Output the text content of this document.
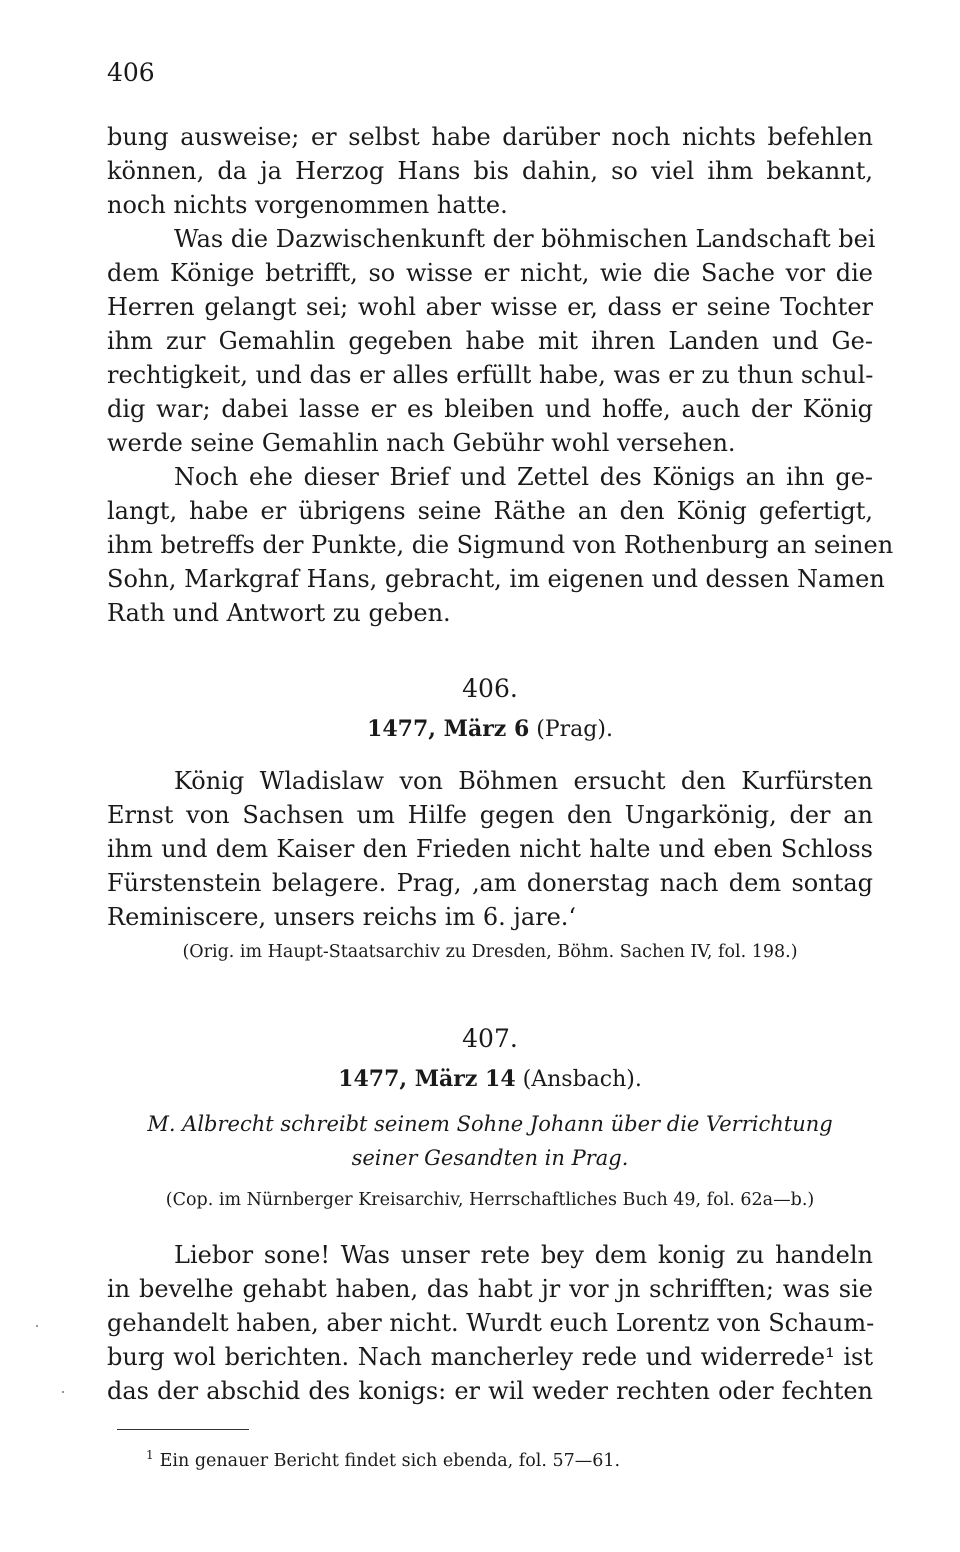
406
bung ausweise; er selbst habe darüber noch nichts befehlen
können, da ja Herzog Hans bis dahin, so viel ihm bekannt,
noch nichts vorgenommen hatte.
Was die Dazwischenkunft der böhmischen Landschaft bei
dem Könige betrifft, so wisse er nicht, wie die Sache vor die
Herren gelangt sei; wohl aber wisse er, dass er seine Tochter
ihm zur Gemahlin gegeben habe mit ihren Landen und Ge-
rechtigkeit, und das er alles erfüllt habe, was er zu thun schul-
dig war; dabei lasse er es bleiben und hoffe, auch der König
werde seine Gemahlin nach Gebühr wohl versehen.
Noch ehe dieser Brief und Zettel des Königs an ihn ge-
langt, habe er übrigens seine Räthe an den König gefertigt,
ihm betreffs der Punkte, die Sigmund von Rothenburg an seinen
Sohn, Markgraf Hans, gebracht, im eigenen und dessen Namen
Rath und Antwort zu geben.
406.
1477, März 6 (Prag).
König Wladislaw von Böhmen ersucht den Kurfürsten
Ernst von Sachsen um Hilfe gegen den Ungarkönig, der an
ihm und dem Kaiser den Frieden nicht halte und eben Schloss
Fürstenstein belagere. Prag, ‚am donerstag nach dem sontag
Reminiscere, unsers reichs im 6. jare.‘
(Orig. im Haupt-Staatsarchiv zu Dresden, Böhm. Sachen IV, fol. 198.)
407.
1477, März 14 (Ansbach).
M. Albrecht schreibt seinem Sohne Johann über die Verrichtung
seiner Gesandten in Prag.
(Cop. im Nürnberger Kreisarchiv, Herrschaftliches Buch 49, fol. 62a—b.)
Liebor sone! Was unser rete bey dem konig zu handeln
in bevelhe gehabt haben, das habt jr vor jn schrifften; was sie
gehandelt haben, aber nicht. Wurdt euch Lorentz von Schaum-
burg wol berichten. Nach mancherley rede und widerrede¹ ist
das der abschid des konigs: er wil weder rechten oder fechten
$^1$ Ein genauer Bericht findet sich ebenda, fol. 57—61.
